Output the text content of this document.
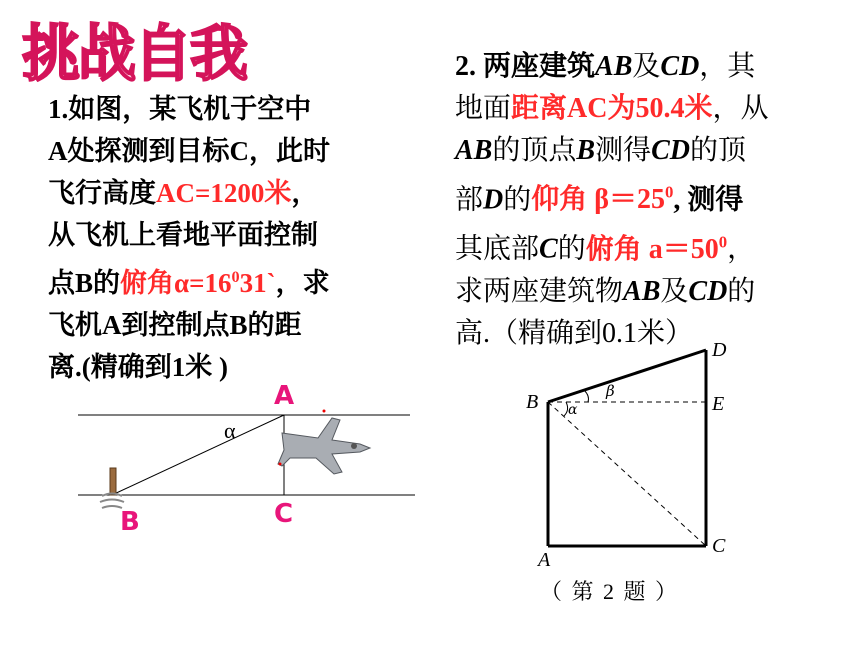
挑战自我
1.如图，某飞机于空中
A处探测到目标C，此时
飞行高度AC=1200米，
从飞机上看地平面控制
点B的俯角$\alpha=16^031`$，求
飞机A到控制点B的距
离.(精确到1米 )
2. 两座建筑AB及CD，其
地面距离AC为50.4米，从
AB的顶点B测得CD的顶
部D的仰角 $\beta=25^0$, 测得
其底部C的俯角 $a=50^0$，
求两座建筑物AB及CD的
高.（精确到0.1米）
α
A
B	C
β
α
B
A
C
D
E
（ 第 2 题 ）
